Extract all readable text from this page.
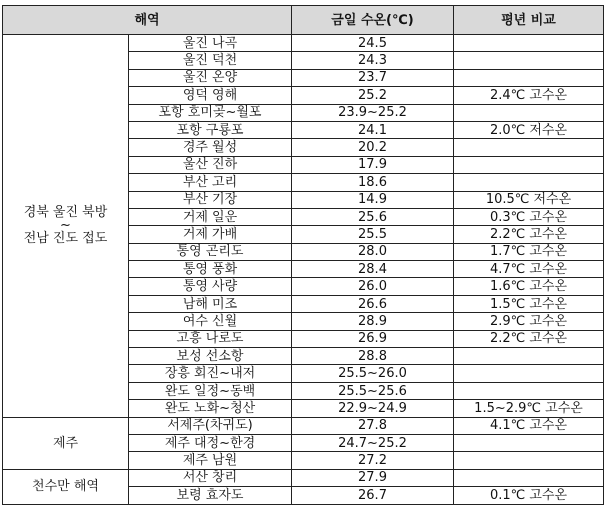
해역		금일 수온(℃)	평년 비교

경북 울진 북방
~
전남 진도 접도	울진 나곡	24.5	
	울진 덕천	24.3	
	울진 온양	23.7	
	영덕 영해	25.2	2.4℃ 고수온
	포항 호미곶~월포	23.9~25.2	
	포항 구룡포	24.1	2.0℃ 저수온
	경주 월성	20.2	
	울산 진하	17.9	
	부산 고리	18.6	
	부산 기장	14.9	10.5℃ 저수온
	거제 일운	25.6	0.3℃ 고수온
	거제 가배	25.5	2.2℃ 고수온
	통영 곤리도	28.0	1.7℃ 고수온
	통영 풍화	28.4	4.7℃ 고수온
	통영 사량	26.0	1.6℃ 고수온
	남해 미조	26.6	1.5℃ 고수온
	여수 신월	28.9	2.9℃ 고수온
	고흥 나로도	26.9	2.2℃ 고수온
	보성 선소항	28.8	
	장흥 회진~내저	25.5~26.0	
	완도 일정~동백	25.5~25.6	
	완도 노화~청산	22.9~24.9	1.5~2.9℃ 고수온

제주	서제주(차귀도)	27.8	4.1℃ 고수온
	제주 대정~한경	24.7~25.2	
	제주 남원	27.2	

천수만 해역	서산 창리	27.9	
	보령 효자도	26.7	0.1℃ 고수온
